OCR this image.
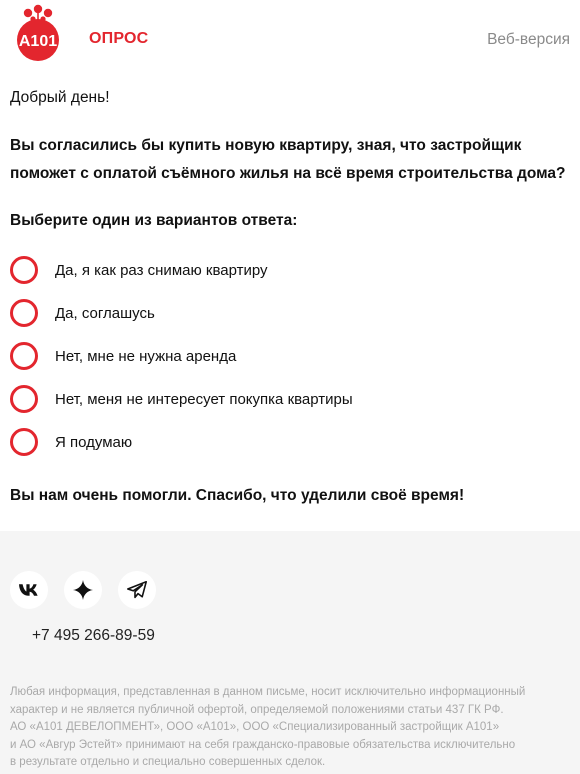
А101 ОПРОС	Веб-версия
Добрый день!
Вы согласились бы купить новую квартиру, зная, что застройщик поможет с оплатой съёмного жилья на всё время строительства дома?
Выберите один из вариантов ответа:
Да, я как раз снимаю квартиру
Да, соглашусь
Нет, мне не нужна аренда
Нет, меня не интересует покупка квартиры
Я подумаю
Вы нам очень помогли. Спасибо, что уделили своё время!
+7 495 266-89-59
Любая информация, представленная в данном письме, носит исключительно информационный
характер и не является публичной офертой, определяемой положениями статьи 437 ГК РФ.
АО «А101 ДЕВЕЛОПМЕНТ», ООО «А101», ООО «Специализированный застройщик А101»
и АО «Авгур Эстейт» принимают на себя гражданско-правовые обязательства исключительно
в результате отдельно и специально совершенных сделок.
